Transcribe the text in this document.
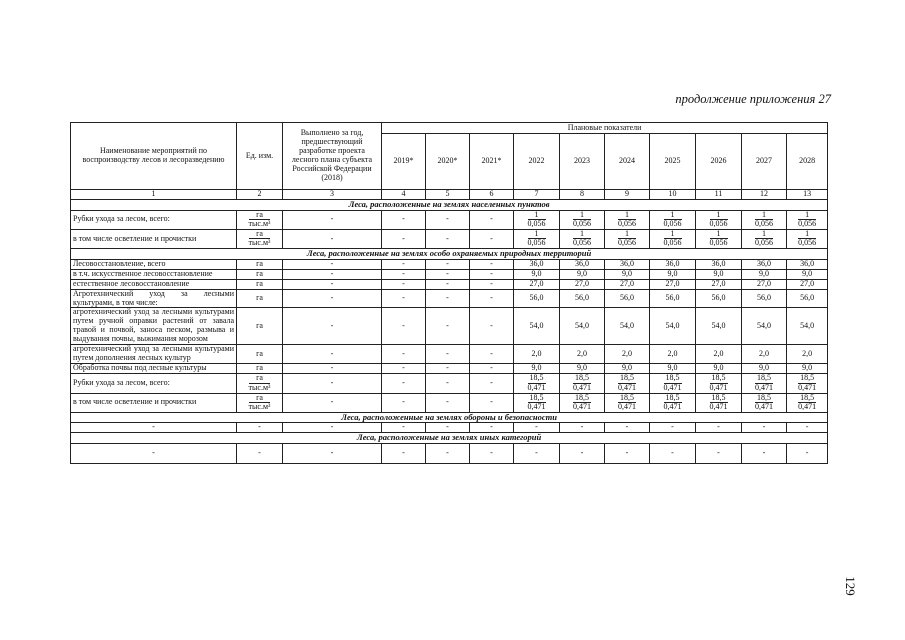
продолжение приложения 27
Наименование мероприятий по воспроизводству лесов и лесоразведению	Ед. изм.	Выполнено за год, предшествующий разработке проекта лесного плана субъекта Российской Федерации (2018)	Плановые показатели									
			2019*	2020*	2021*	2022	2023	2024	2025	2026	2027	2028
1	2	3	4	5	6	7	8	9	10	11	12	13
Леса, расположенные на землях населенных пунктов												
Рубки ухода за лесом, всего:	$\frac{га}{\text{тыс.м³}}$	-	-	-	-	$\frac{1}{0,056}$	$\frac{1}{0,056}$	$\frac{1}{0,056}$	$\frac{1}{0,056}$	$\frac{1}{0,056}$	$\frac{1}{0,056}$	$\frac{1}{0,056}$

в том числе осветление и прочистки	$\frac{га}{\text{тыс.м³}}$	-	-	-	-	$\frac{1}{0,056}$	$\frac{1}{0,056}$	$\frac{1}{0,056}$	$\frac{1}{0,056}$	$\frac{1}{0,056}$	$\frac{1}{0,056}$	$\frac{1}{0,056}$

Леса, расположенные на землях особо охраняемых природных территорий												
Лесовосстановление, всего	га	-	-	-	-	36,0	36,0	36,0	36,0	36,0	36,0	36,0
в т.ч. искусственное лесовосстановление	га	-	-	-	-	9,0	9,0	9,0	9,0	9,0	9,0	9,0
естественное лесовосстановление	га	-	-	-	-	27,0	27,0	27,0	27,0	27,0	27,0	27,0
Агротехнический уход за лесными культурами, в том числе:	га	-	-	-	-	56,0	56,0	56,0	56,0	56,0	56,0	56,0
агротехнический уход за лесными культурами путем ручной оправки растений от завала травой и почвой, заноса песком, размыва и выдувания почвы, выжимания морозом	га	-	-	-	-	54,0	54,0	54,0	54,0	54,0	54,0	54,0
агротехнический уход за лесными культурами путем дополнения лесных культур	га	-	-	-	-	2,0	2,0	2,0	2,0	2,0	2,0	2,0
Обработка почвы под лесные культуры	га	-	-	-	-	9,0	9,0	9,0	9,0	9,0	9,0	9,0
Рубки ухода за лесом, всего:	$\frac{га}{\text{тыс.м³}}$	-	-	-	-	$\frac{18,5}{0,471}$	$\frac{18,5}{0,471}$	$\frac{18,5}{0,471}$	$\frac{18,5}{0,471}$	$\frac{18,5}{0,471}$	$\frac{18,5}{0,471}$	$\frac{18,5}{0,471}$

в том числе осветление и прочистки	$\frac{га}{\text{тыс.м³}}$	-	-	-	-	$\frac{18,5}{0,471}$	$\frac{18,5}{0,471}$	$\frac{18,5}{0,471}$	$\frac{18,5}{0,471}$	$\frac{18,5}{0,471}$	$\frac{18,5}{0,471}$	$\frac{18,5}{0,471}$

Леса, расположенные на землях обороны и безопасности												
-	-	-	-	-	-	-	-	-	-	-	-	-
Леса, расположенные на землях иных категорий												
-	-	-	-	-	-	-	-	-	-	-	-	-
129
